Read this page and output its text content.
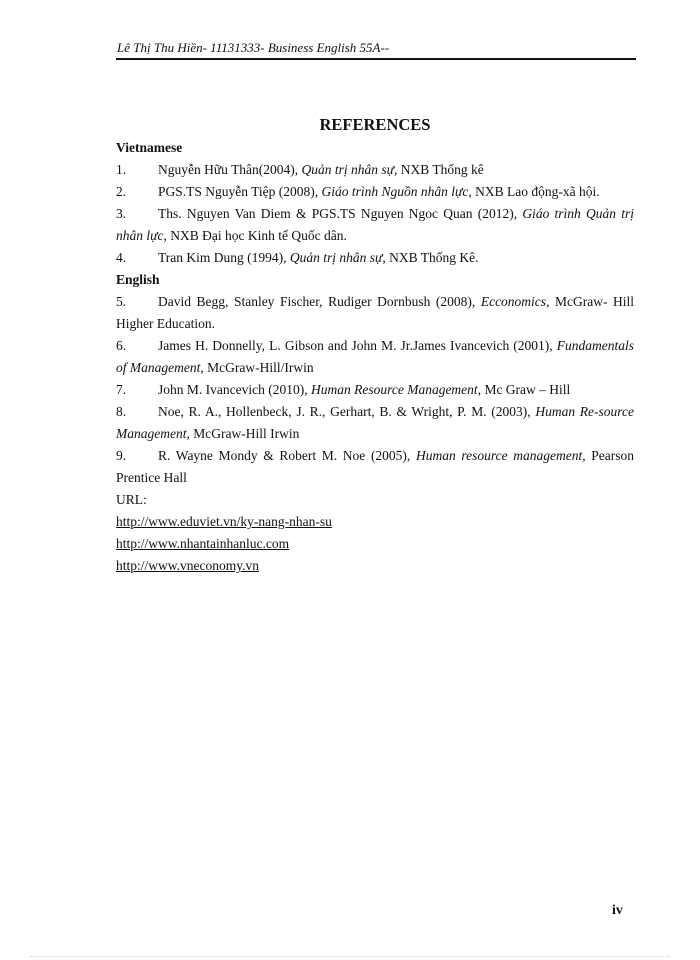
Lê Thị Thu Hiền- 11131333- Business English 55A--
REFERENCES
Vietnamese
1. Nguyễn Hữu Thân(2004), Quản trị nhân sự, NXB Thống kê
2. PGS.TS Nguyễn Tiệp (2008), Giáo trình Nguồn nhân lực, NXB Lao động-xã hội.
3. Ths. Nguyen Van Diem & PGS.TS Nguyen Ngoc Quan (2012), Giáo trình Quản trị nhân lực, NXB Đại học Kinh tế Quốc dân.
4. Tran Kim Dung (1994), Quản trị nhân sự, NXB Thống Kê.
English
5. David Begg, Stanley Fischer, Rudiger Dornbush (2008), Ecconomics, McGraw- Hill Higher Education.
6. James H. Donnelly, L. Gibson and John M. Jr.James Ivancevich (2001), Fundamentals of Management, McGraw-Hill/Irwin
7. John M. Ivancevich (2010), Human Resource Management, Mc Graw – Hill
8. Noe, R. A., Hollenbeck, J. R., Gerhart, B. & Wright, P. M. (2003), Human Re-source Management, McGraw-Hill Irwin
9. R. Wayne Mondy & Robert M. Noe (2005), Human resource management, Pearson Prentice Hall
URL:
http://www.eduviet.vn/ky-nang-nhan-su
http://www.nhantainhanluc.com
http://www.vneconomy.vn
iv
